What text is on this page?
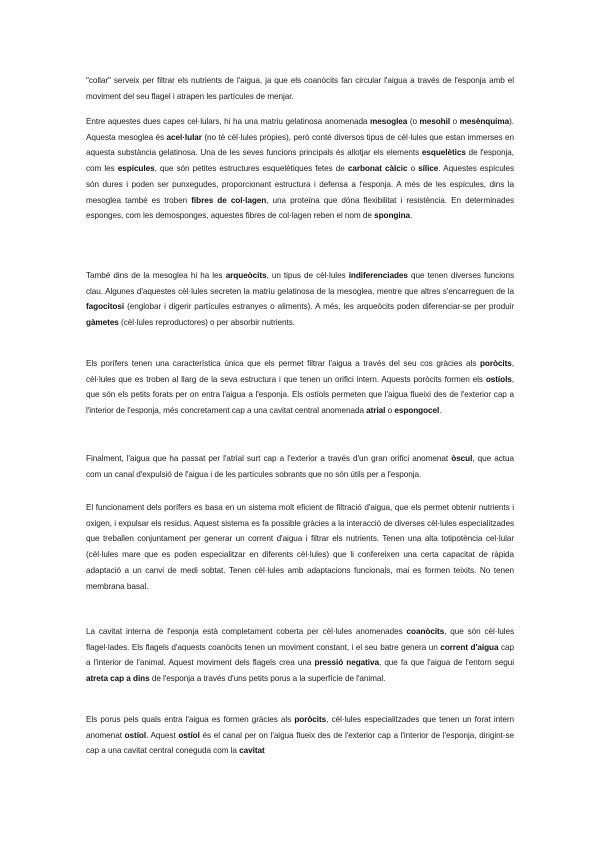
"collar" serveix per filtrar els nutrients de l'aigua, ja que els coanòcits fan circular l'aigua a través de l'esponja amb el moviment del seu flagel i atrapen les partícules de menjar.

Entre aquestes dues capes cel·lulars, hi ha una matriu gelatinosa anomenada mesoglea (o mesohil o mesènquima). Aquesta mesoglea és acel·lular (no té cèl·lules pròpies), però conté diversos tipus de cèl·lules que estan immerses en aquesta substància gelatinosa. Una de les seves funcions principals és allotjar els elements esquelètics de l'esponja, com les espícules, que són petites estructures esquelètiques fetes de carbonat càlcic o sílice. Aquestes espícules són dures i poden ser punxegudes, proporcionant estructura i defensa a l'esponja. A més de les espícules, dins la mesoglea també es troben fibres de col·lagen, una proteïna que dóna flexibilitat i resistència. En determinades esponges, com les demosponges, aquestes fibres de col·lagen reben el nom de spongina.

També dins de la mesoglea hi ha les arqueòcits, un tipus de cèl·lules indiferenciades que tenen diverses funcions clau. Algunes d'aquestes cèl·lules secreten la matriu gelatinosa de la mesoglea, mentre que altres s'encarreguen de la fagocitosi (englobar i digerir partícules estranyes o aliments). A més, les arqueòcits poden diferenciar-se per produir gàmetes (cèl·lules reproductores) o per absorbir nutrients.

Els porífers tenen una característica única que els permet filtrar l'aigua a través del seu cos gràcies als poròcits, cèl·lules que es troben al llarg de la seva estructura i que tenen un orifici intern. Aquests poròcits formen els ostíols, que són els petits forats per on entra l'aigua a l'esponja. Els ostíols permeten que l'aigua flueixi des de l'exterior cap a l'interior de l'esponja, més concretament cap a una cavitat central anomenada atrial o espongocel.

Finalment, l'aigua que ha passat per l'atrial surt cap a l'exterior a través d'un gran orifici anomenat òscul, que actua com un canal d'expulsió de l'aigua i de les partícules sobrants que no són útils per a l'esponja.

El funcionament dels porífers es basa en un sistema molt eficient de filtració d'aigua, que els permet obtenir nutrients i oxigen, i expulsar els residus. Aquest sistema es fa possible gràcies a la interacció de diverses cèl·lules especialitzades que treballen conjuntament per generar un corrent d'aigua i filtrar els nutrients. Tenen una alta totipotència cel·lular (cèl·lules mare que es poden especialitzar en diferents cèl·lules) que li confereixen una certa capacitat de ràpida adaptació a un canvi de medi sobtat. Tenen cèl·lules amb adaptacions funcionals, mai es formen teixits. No tenen membrana basal.

La cavitat interna de l'esponja està completament coberta per cèl·lules anomenades coanòcits, que són cèl·lules flagel·lades. Els flagels d'aquests coanòcits tenen un moviment constant, i el seu batre genera un corrent d'aigua cap a l'interior de l'animal. Aquest moviment dels flagels crea una pressió negativa, que fa que l'aigua de l'entorn segui atreta cap a dins de l'esponja a través d'uns petits porus a la superfície de l'animal.

Els porus pels quals entra l'aigua es formen gràcies als poròcits, cèl·lules especialitzades que tenen un forat intern anomenat ostíol. Aquest ostíol és el canal per on l'aigua flueix des de l'exterior cap a l'interior de l'esponja, dirigint-se cap a una cavitat central coneguda com la cavitat
